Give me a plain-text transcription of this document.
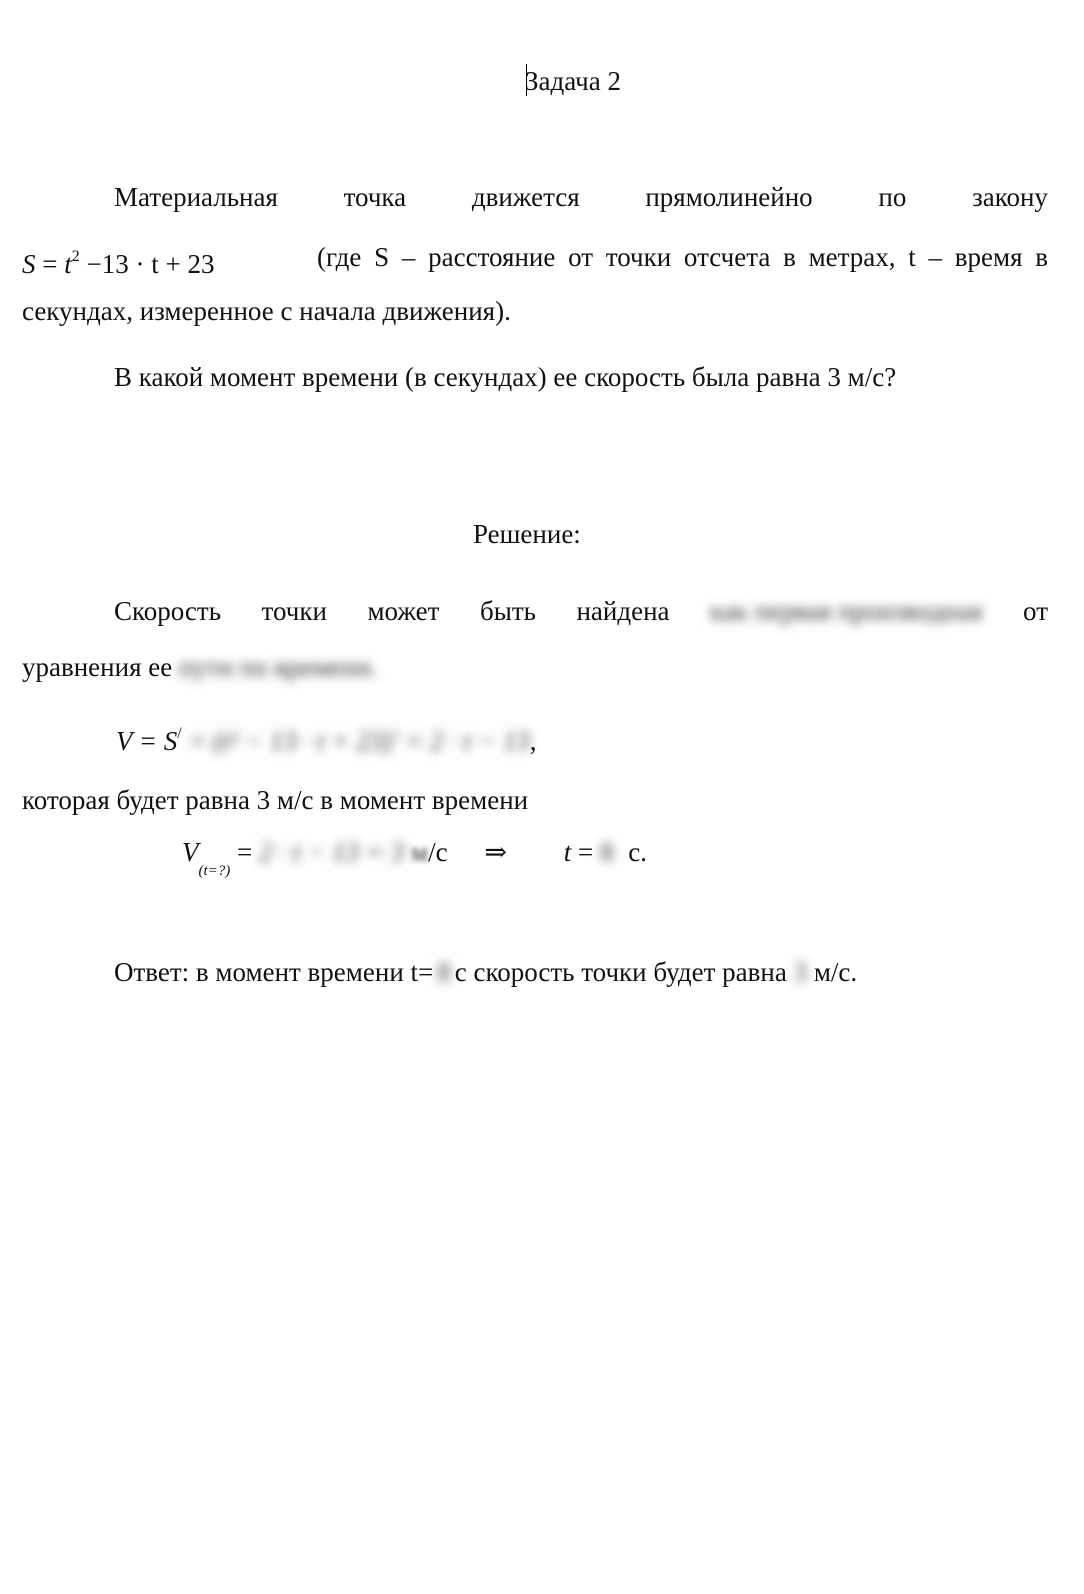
Задача 2
Материальная точка движется прямолинейно по закону
$S = t^2 -13 \cdot t + 23$	(где S – расстояние от точки отсчета в метрах, t – время в
секундах, измеренное с начала движения).
В какой момент времени (в секундах) ее скорость была равна 3 м/с?
Решение:
Скорость точки может быть найдена как первая производная от
уравнения ее пути по времени.
V = S/ = (t² − 13 · t + 23)′ = 2 · t − 13,
которая будет равна 3 м/с в момент времени
$V_{(t=?)} = 2 \cdot t - 13 = 3$ м/с ⇒ t = 8 с.
Ответ: в момент времени t= 8 с скорость точки будет равна 3 м/с.
